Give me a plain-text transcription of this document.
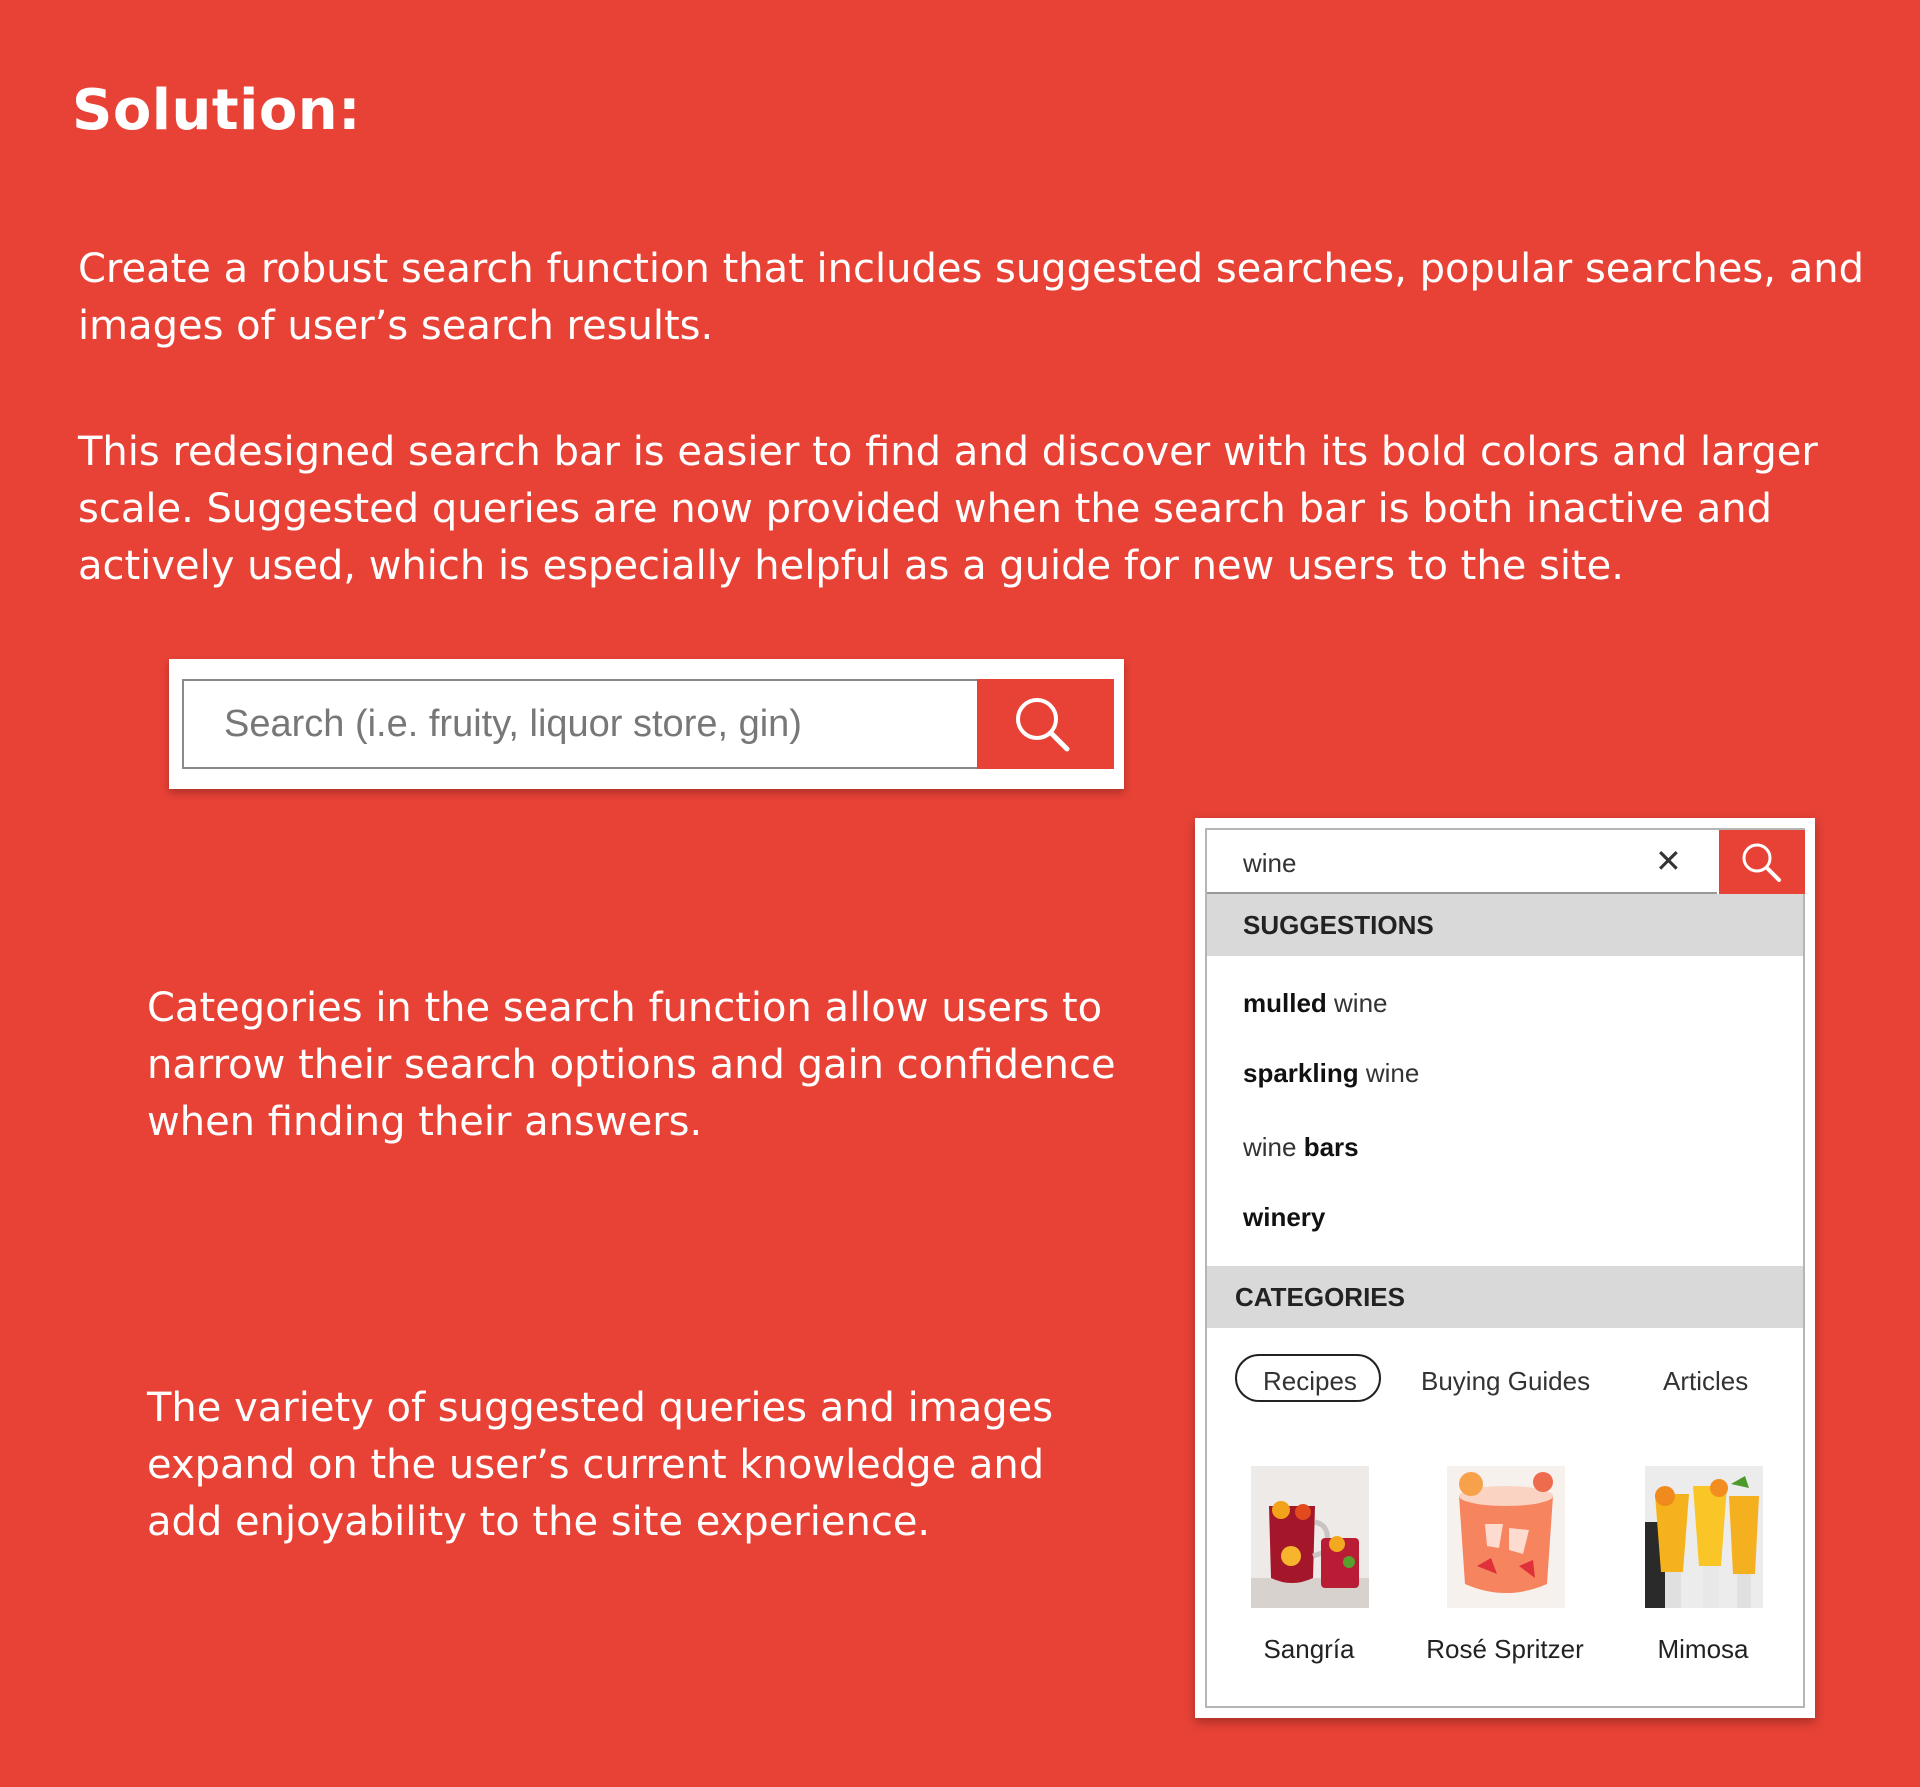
Solution:

Create a robust search function that includes suggested searches, popular searches, and images of user’s search results.

This redesigned search bar is easier to find and discover with its bold colors and larger scale. Suggested queries are now provided when the search bar is both inactive and actively used, which is especially helpful as a guide for new users to the site.

Categories in the search function allow users to narrow their search options and gain confidence when finding their answers.

The variety of suggested queries and images expand on the user’s current knowledge and add enjoyability to the site experience.

Search (i.e. fruity, liquor store, gin)
wine	✕
SUGGESTIONS
mulled wine
sparkling wine
wine bars
winery
CATEGORIES
Recipes Buying Guides	Articles
Sangría	Rosé Spritzer	Mimosa
